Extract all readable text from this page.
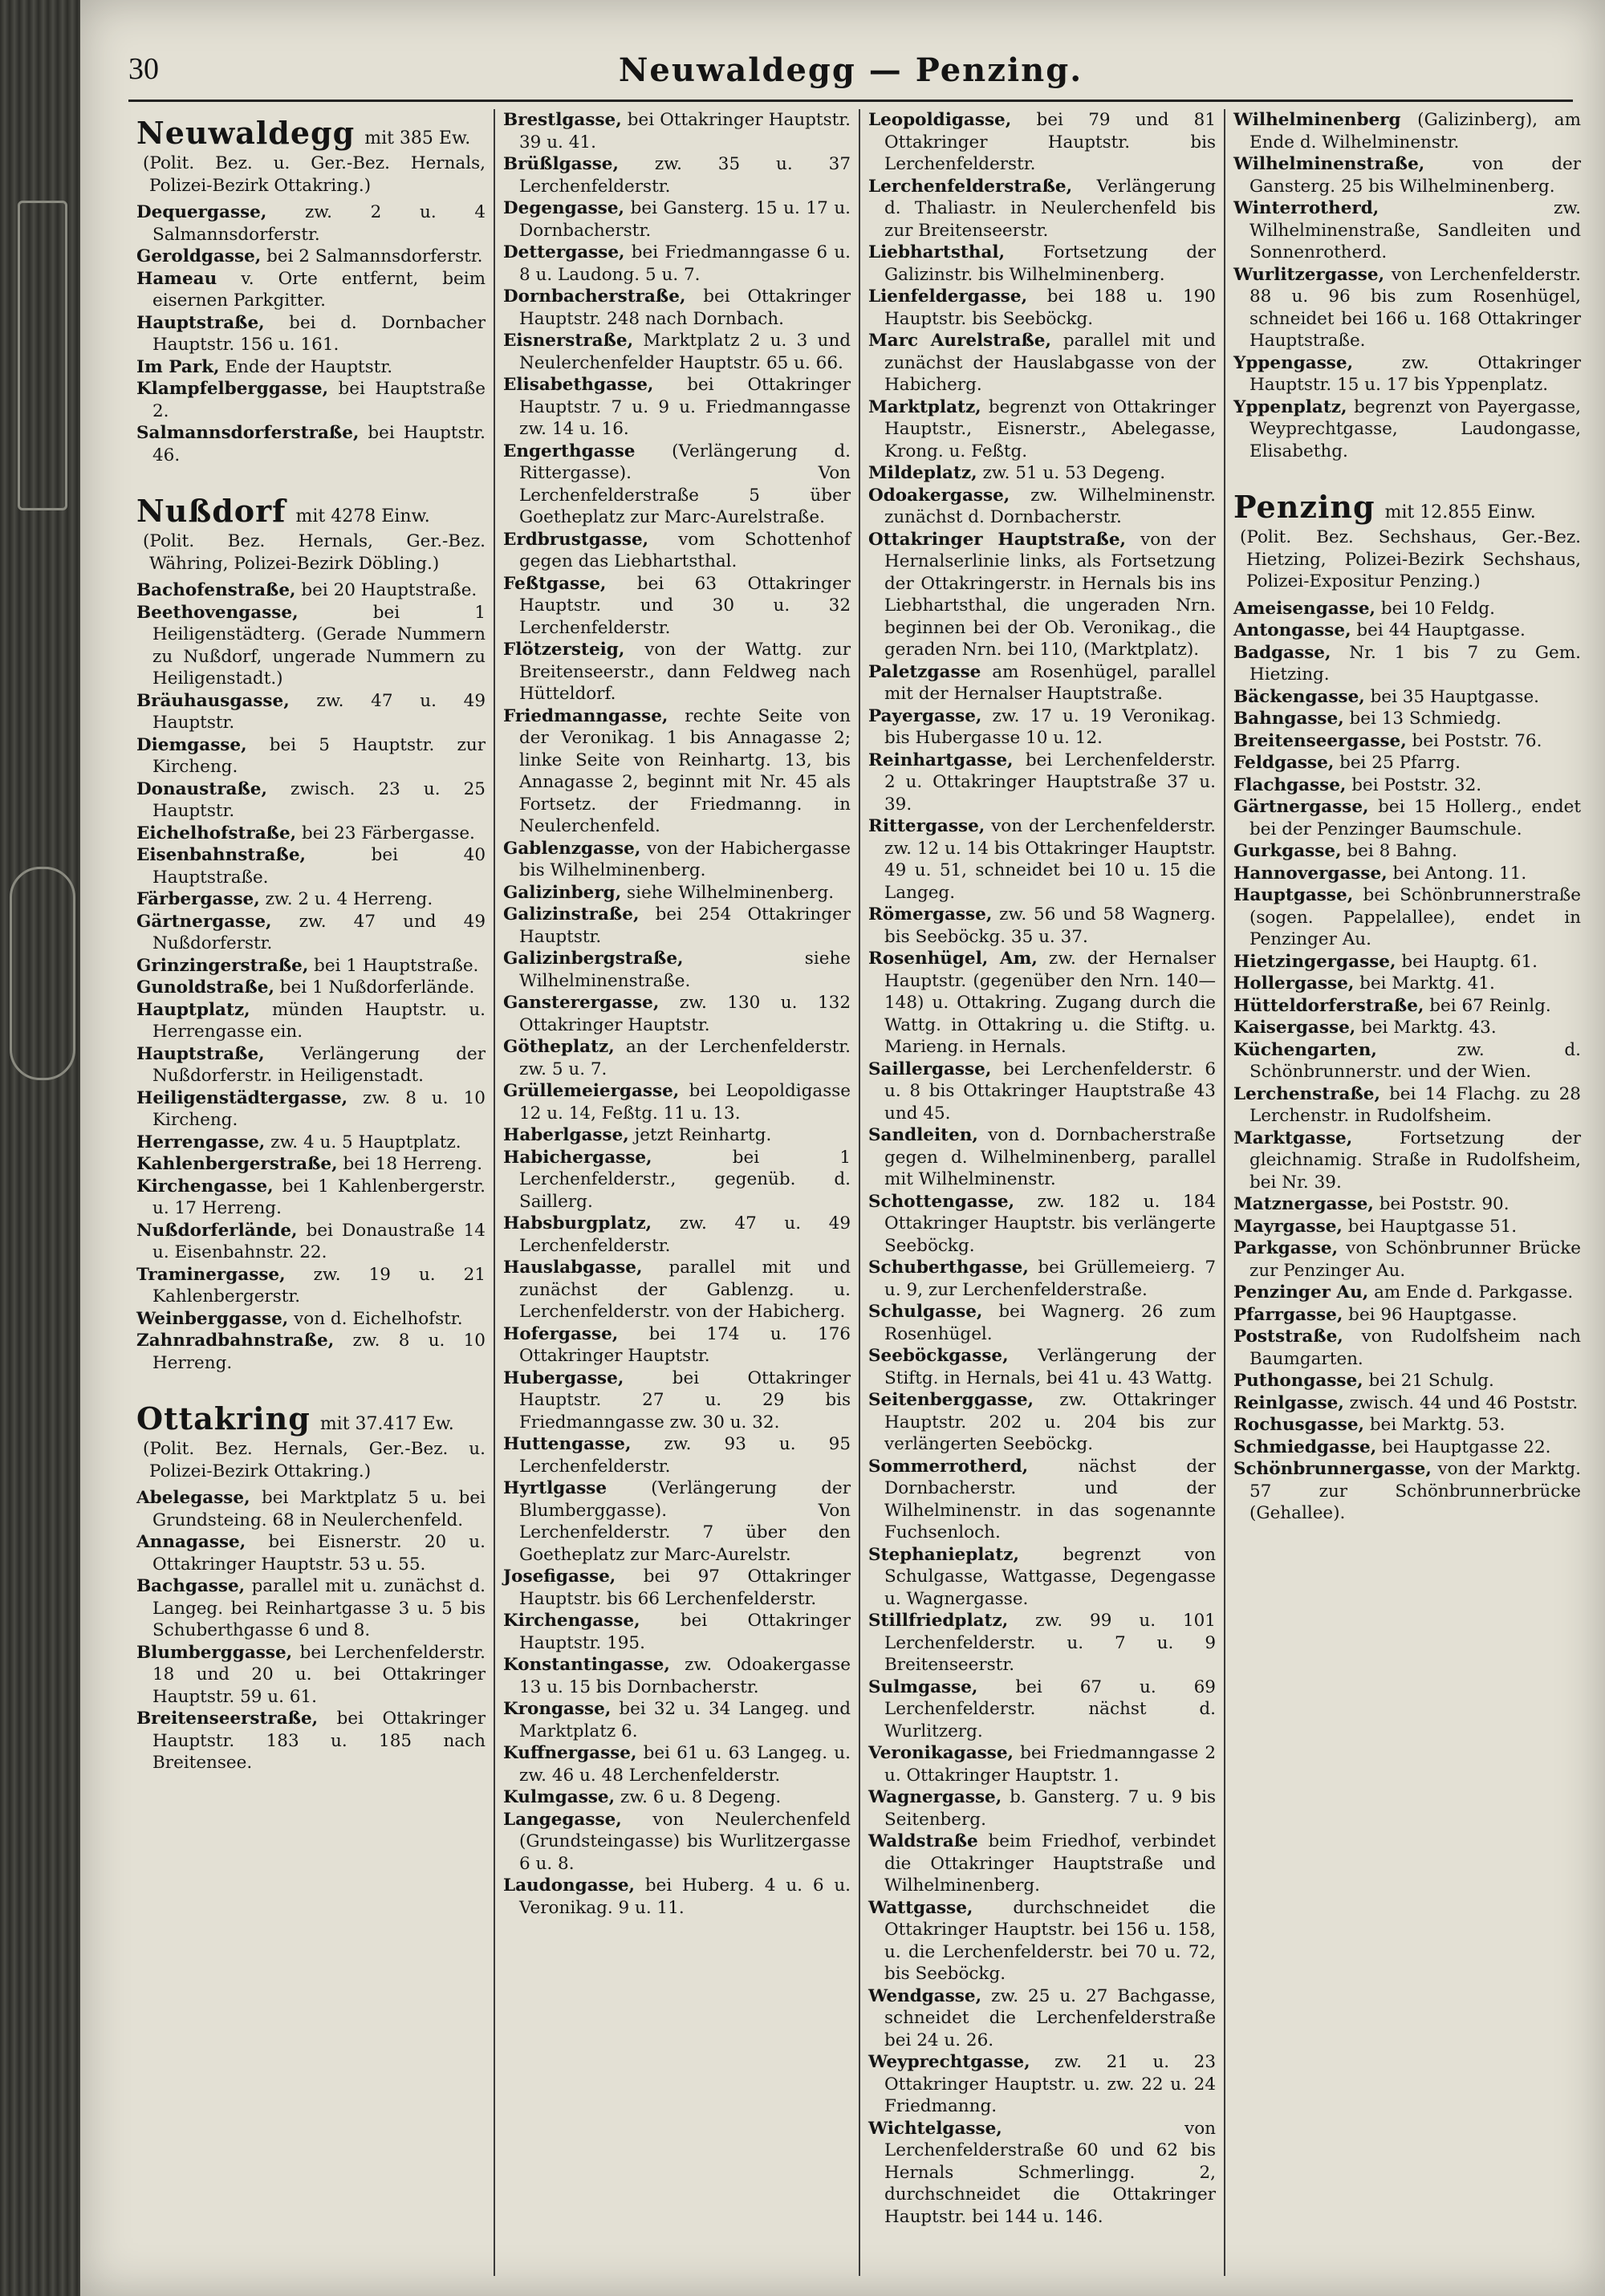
30	Neuwaldegg — Penzing.
Neuwaldegg mit 385 Ew.

(Polit. Bez. u. Ger.-Bez. Hernals, Polizei-Bezirk Ottakring.)

Dequergasse, zw. 2 u. 4 Salmannsdorferstr.

Geroldgasse, bei 2 Salmannsdorferstr.

Hameau v. Orte entfernt, beim eisernen Parkgitter.

Hauptstraße, bei d. Dornbacher Hauptstr. 156 u. 161.

Im Park, Ende der Hauptstr.

Klampfelberggasse, bei Hauptstraße 2.

Salmannsdorferstraße, bei Hauptstr. 46.

Nußdorf mit 4278 Einw.

(Polit. Bez. Hernals, Ger.-Bez. Währing, Polizei-Bezirk Döbling.)

Bachofenstraße, bei 20 Hauptstraße.

Beethovengasse, bei 1 Heiligenstädterg. (Gerade Nummern zu Nußdorf, ungerade Nummern zu Heiligenstadt.)

Bräuhausgasse, zw. 47 u. 49 Hauptstr.

Diemgasse, bei 5 Hauptstr. zur Kircheng.

Donaustraße, zwisch. 23 u. 25 Hauptstr.

Eichelhofstraße, bei 23 Färbergasse.

Eisenbahnstraße, bei 40 Hauptstraße.

Färbergasse, zw. 2 u. 4 Herreng.

Gärtnergasse, zw. 47 und 49 Nußdorferstr.

Grinzingerstraße, bei 1 Hauptstraße.

Gunoldstraße, bei 1 Nußdorferlände.

Hauptplatz, münden Hauptstr. u. Herrengasse ein.

Hauptstraße, Verlängerung der Nußdorferstr. in Heiligenstadt.

Heiligenstädtergasse, zw. 8 u. 10 Kircheng.

Herrengasse, zw. 4 u. 5 Hauptplatz.

Kahlenbergerstraße, bei 18 Herreng.

Kirchengasse, bei 1 Kahlenbergerstr. u. 17 Herreng.

Nußdorferlände, bei Donaustraße 14 u. Eisenbahnstr. 22.

Traminergasse, zw. 19 u. 21 Kahlenbergerstr.

Weinberggasse, von d. Eichelhofstr.

Zahnradbahnstraße, zw. 8 u. 10 Herreng.

Ottakring mit 37.417 Ew.

(Polit. Bez. Hernals, Ger.-Bez. u. Polizei-Bezirk Ottakring.)

Abelegasse, bei Marktplatz 5 u. bei Grundsteing. 68 in Neulerchenfeld.

Annagasse, bei Eisnerstr. 20 u. Ottakringer Hauptstr. 53 u. 55.

Bachgasse, parallel mit u. zunächst d. Langeg. bei Reinhartgasse 3 u. 5 bis Schuberthgasse 6 und 8.

Blumberggasse, bei Lerchenfelderstr. 18 und 20 u. bei Ottakringer Hauptstr. 59 u. 61.

Breitenseerstraße, bei Ottakringer Hauptstr. 183 u. 185 nach Breitensee.

Brestlgasse, bei Ottakringer Hauptstr. 39 u. 41.

Brüßlgasse, zw. 35 u. 37 Lerchenfelderstr.

Degengasse, bei Gansterg. 15 u. 17 u. Dornbacherstr.

Dettergasse, bei Friedmanngasse 6 u. 8 u. Laudong. 5 u. 7.

Dornbacherstraße, bei Ottakringer Hauptstr. 248 nach Dornbach.

Eisnerstraße, Marktplatz 2 u. 3 und Neulerchenfelder Hauptstr. 65 u. 66.

Elisabethgasse, bei Ottakringer Hauptstr. 7 u. 9 u. Friedmanngasse zw. 14 u. 16.

Engerthgasse (Verlängerung d. Rittergasse). Von Lerchenfelderstraße 5 über Goetheplatz zur Marc-Aurelstraße.

Erdbrustgasse, vom Schottenhof gegen das Liebhartsthal.

Feßtgasse, bei 63 Ottakringer Hauptstr. und 30 u. 32 Lerchenfelderstr.

Flötzersteig, von der Wattg. zur Breitenseerstr., dann Feldweg nach Hütteldorf.

Friedmanngasse, rechte Seite von der Veronikag. 1 bis Annagasse 2; linke Seite von Reinhartg. 13, bis Annagasse 2, beginnt mit Nr. 45 als Fortsetz. der Friedmanng. in Neulerchenfeld.

Gablenzgasse, von der Habichergasse bis Wilhelminenberg.

Galizinberg, siehe Wilhelminenberg.

Galizinstraße, bei 254 Ottakringer Hauptstr.

Galizinbergstraße, siehe Wilhelminenstraße.

Gansterergasse, zw. 130 u. 132 Ottakringer Hauptstr.

Götheplatz, an der Lerchenfelderstr. zw. 5 u. 7.

Grüllemeiergasse, bei Leopoldigasse 12 u. 14, Feßtg. 11 u. 13.

Haberlgasse, jetzt Reinhartg.

Habichergasse, bei 1 Lerchenfelderstr., gegenüb. d. Saillerg.

Habsburgplatz, zw. 47 u. 49 Lerchenfelderstr.

Hauslabgasse, parallel mit und zunächst der Gablenzg. u. Lerchenfelderstr. von der Habicherg.

Hofergasse, bei 174 u. 176 Ottakringer Hauptstr.

Hubergasse, bei Ottakringer Hauptstr. 27 u. 29 bis Friedmanngasse zw. 30 u. 32.

Huttengasse, zw. 93 u. 95 Lerchenfelderstr.

Hyrtlgasse (Verlängerung der Blumberggasse). Von Lerchenfelderstr. 7 über den Goetheplatz zur Marc-Aurelstr.

Josefigasse, bei 97 Ottakringer Hauptstr. bis 66 Lerchenfelderstr.

Kirchengasse, bei Ottakringer Hauptstr. 195.

Konstantingasse, zw. Odoakergasse 13 u. 15 bis Dornbacherstr.

Krongasse, bei 32 u. 34 Langeg. und Marktplatz 6.

Kuffnergasse, bei 61 u. 63 Langeg. u. zw. 46 u. 48 Lerchenfelderstr.

Kulmgasse, zw. 6 u. 8 Degeng.

Langegasse, von Neulerchenfeld (Grundsteingasse) bis Wurlitzergasse 6 u. 8.

Laudongasse, bei Huberg. 4 u. 6 u. Veronikag. 9 u. 11.

Leopoldigasse, bei 79 und 81 Ottakringer Hauptstr. bis Lerchenfelderstr.

Lerchenfelderstraße, Verlängerung d. Thaliastr. in Neulerchenfeld bis zur Breitenseerstr.

Liebhartsthal, Fortsetzung der Galizinstr. bis Wilhelminenberg.

Lienfeldergasse, bei 188 u. 190 Hauptstr. bis Seeböckg.

Marc Aurelstraße, parallel mit und zunächst der Hauslabgasse von der Habicherg.

Marktplatz, begrenzt von Ottakringer Hauptstr., Eisnerstr., Abelegasse, Krong. u. Feßtg.

Mildeplatz, zw. 51 u. 53 Degeng.

Odoakergasse, zw. Wilhelminenstr. zunächst d. Dornbacherstr.

Ottakringer Hauptstraße, von der Hernalserlinie links, als Fortsetzung der Ottakringerstr. in Hernals bis ins Liebhartsthal, die ungeraden Nrn. beginnen bei der Ob. Veronikag., die geraden Nrn. bei 110, (Marktplatz).

Paletzgasse am Rosenhügel, parallel mit der Hernalser Hauptstraße.

Payergasse, zw. 17 u. 19 Veronikag. bis Hubergasse 10 u. 12.

Reinhartgasse, bei Lerchenfelderstr. 2 u. Ottakringer Hauptstraße 37 u. 39.

Rittergasse, von der Lerchenfelderstr. zw. 12 u. 14 bis Ottakringer Hauptstr. 49 u. 51, schneidet bei 10 u. 15 die Langeg.

Römergasse, zw. 56 und 58 Wagnerg. bis Seeböckg. 35 u. 37.

Rosenhügel, Am, zw. der Hernalser Hauptstr. (gegenüber den Nrn. 140—148) u. Ottakring. Zugang durch die Wattg. in Ottakring u. die Stiftg. u. Marieng. in Hernals.

Saillergasse, bei Lerchenfelderstr. 6 u. 8 bis Ottakringer Hauptstraße 43 und 45.

Sandleiten, von d. Dornbacherstraße gegen d. Wilhelminenberg, parallel mit Wilhelminenstr.

Schottengasse, zw. 182 u. 184 Ottakringer Hauptstr. bis verlängerte Seeböckg.

Schuberthgasse, bei Grüllemeierg. 7 u. 9, zur Lerchenfelderstraße.

Schulgasse, bei Wagnerg. 26 zum Rosenhügel.

Seeböckgasse, Verlängerung der Stiftg. in Hernals, bei 41 u. 43 Wattg.

Seitenberggasse, zw. Ottakringer Hauptstr. 202 u. 204 bis zur verlängerten Seeböckg.

Sommerrotherd, nächst der Dornbacherstr. und der Wilhelminenstr. in das sogenannte Fuchsenloch.

Stephanieplatz, begrenzt von Schulgasse, Wattgasse, Degengasse u. Wagnergasse.

Stillfriedplatz, zw. 99 u. 101 Lerchenfelderstr. u. 7 u. 9 Breitenseerstr.

Sulmgasse, bei 67 u. 69 Lerchenfelderstr. nächst d. Wurlitzerg.

Veronikagasse, bei Friedmanngasse 2 u. Ottakringer Hauptstr. 1.

Wagnergasse, b. Gansterg. 7 u. 9 bis Seitenberg.

Waldstraße beim Friedhof, verbindet die Ottakringer Hauptstraße und Wilhelminenberg.

Wattgasse, durchschneidet die Ottakringer Hauptstr. bei 156 u. 158, u. die Lerchenfelderstr. bei 70 u. 72, bis Seeböckg.

Wendgasse, zw. 25 u. 27 Bachgasse, schneidet die Lerchenfelderstraße bei 24 u. 26.

Weyprechtgasse, zw. 21 u. 23 Ottakringer Hauptstr. u. zw. 22 u. 24 Friedmanng.

Wichtelgasse, von Lerchenfelderstraße 60 und 62 bis Hernals Schmerlingg. 2, durchschneidet die Ottakringer Hauptstr. bei 144 u. 146.

Wilhelminenberg (Galizinberg), am Ende d. Wilhelminenstr.

Wilhelminenstraße, von der Gansterg. 25 bis Wilhelminenberg.

Winterrotherd, zw. Wilhelminenstraße, Sandleiten und Sonnenrotherd.

Wurlitzergasse, von Lerchenfelderstr. 88 u. 96 bis zum Rosenhügel, schneidet bei 166 u. 168 Ottakringer Hauptstraße.

Yppengasse, zw. Ottakringer Hauptstr. 15 u. 17 bis Yppenplatz.

Yppenplatz, begrenzt von Payergasse, Weyprechtgasse, Laudongasse, Elisabethg.

Penzing mit 12.855 Einw.

(Polit. Bez. Sechshaus, Ger.-Bez. Hietzing, Polizei-Bezirk Sechshaus, Polizei-Expositur Penzing.)

Ameisengasse, bei 10 Feldg.

Antongasse, bei 44 Hauptgasse.

Badgasse, Nr. 1 bis 7 zu Gem. Hietzing.

Bäckengasse, bei 35 Hauptgasse.

Bahngasse, bei 13 Schmiedg.

Breitenseergasse, bei Poststr. 76.

Feldgasse, bei 25 Pfarrg.

Flachgasse, bei Poststr. 32.

Gärtnergasse, bei 15 Hollerg., endet bei der Penzinger Baumschule.

Gurkgasse, bei 8 Bahng.

Hannovergasse, bei Antong. 11.

Hauptgasse, bei Schönbrunnerstraße (sogen. Pappelallee), endet in Penzinger Au.

Hietzingergasse, bei Hauptg. 61.

Hollergasse, bei Marktg. 41.

Hütteldorferstraße, bei 67 Reinlg.

Kaisergasse, bei Marktg. 43.

Küchengarten, zw. d. Schönbrunnerstr. und der Wien.

Lerchenstraße, bei 14 Flachg. zu 28 Lerchenstr. in Rudolfsheim.

Marktgasse, Fortsetzung der gleichnamig. Straße in Rudolfsheim, bei Nr. 39.

Matznergasse, bei Poststr. 90.

Mayrgasse, bei Hauptgasse 51.

Parkgasse, von Schönbrunner Brücke zur Penzinger Au.

Penzinger Au, am Ende d. Parkgasse.

Pfarrgasse, bei 96 Hauptgasse.

Poststraße, von Rudolfsheim nach Baumgarten.

Puthongasse, bei 21 Schulg.

Reinlgasse, zwisch. 44 und 46 Poststr.

Rochusgasse, bei Marktg. 53.

Schmiedgasse, bei Hauptgasse 22.

Schönbrunnergasse, von der Marktg. 57 zur Schönbrunnerbrücke (Gehallee).
